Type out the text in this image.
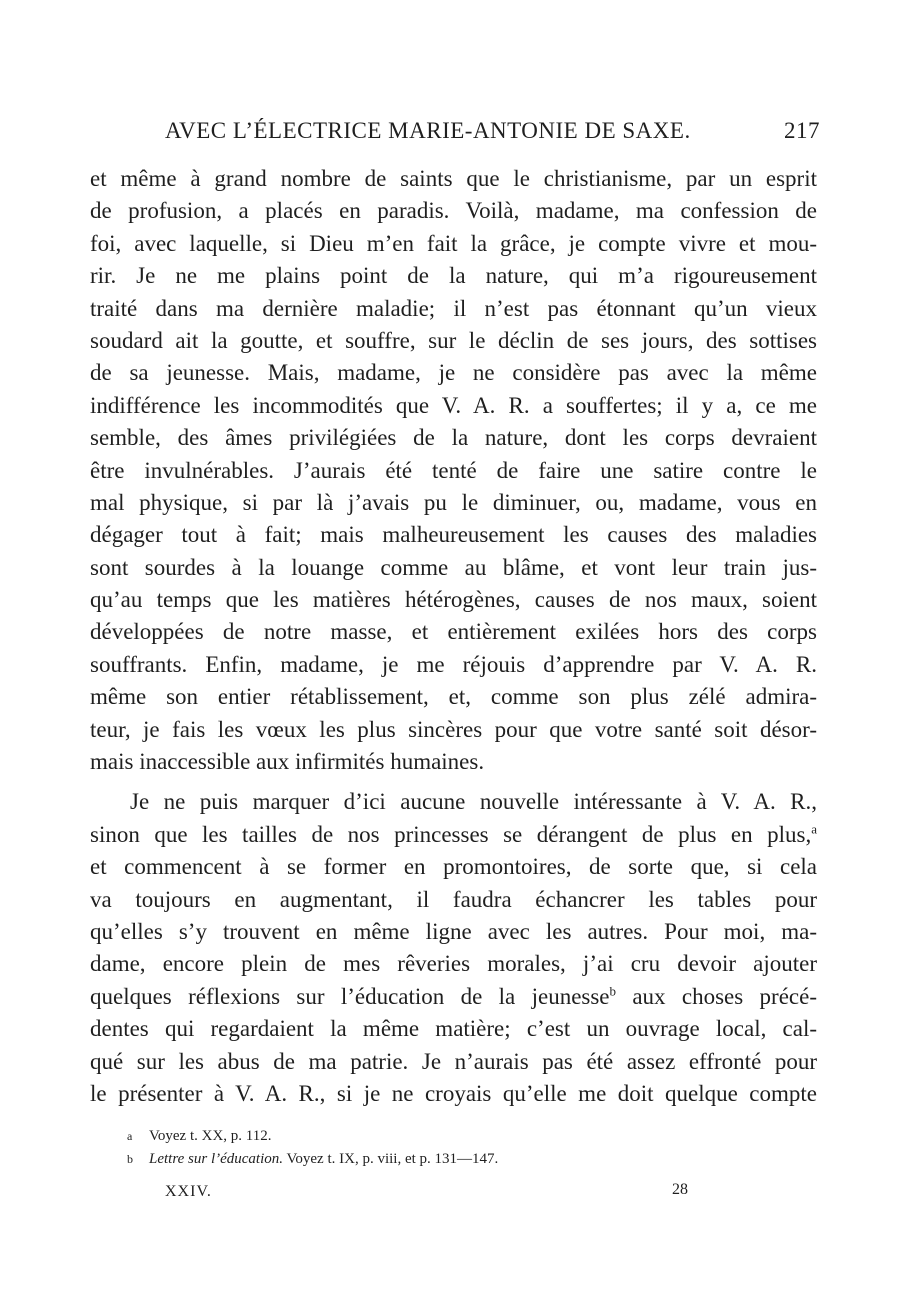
AVEC L’ÉLECTRICE MARIE-ANTONIE DE SAXE.	217
et même à grand nombre de saints que le christianisme, par un esprit
de profusion, a placés en paradis. Voilà, madame, ma confession de
foi, avec laquelle, si Dieu m’en fait la grâce, je compte vivre et mou-
rir. Je ne me plains point de la nature, qui m’a rigoureusement
traité dans ma dernière maladie; il n’est pas étonnant qu’un vieux
soudard ait la goutte, et souffre, sur le déclin de ses jours, des sottises
de sa jeunesse. Mais, madame, je ne considère pas avec la même
indifférence les incommodités que V. A. R. a souffertes; il y a, ce me
semble, des âmes privilégiées de la nature, dont les corps devraient
être invulnérables. J’aurais été tenté de faire une satire contre le
mal physique, si par là j’avais pu le diminuer, ou, madame, vous en
dégager tout à fait; mais malheureusement les causes des maladies
sont sourdes à la louange comme au blâme, et vont leur train jus-
qu’au temps que les matières hétérogènes, causes de nos maux, soient
développées de notre masse, et entièrement exilées hors des corps
souffrants. Enfin, madame, je me réjouis d’apprendre par V. A. R.
même son entier rétablissement, et, comme son plus zélé admira-
teur, je fais les vœux les plus sincères pour que votre santé soit désor-
mais inaccessible aux infirmités humaines.
Je ne puis marquer d’ici aucune nouvelle intéressante à V. A. R.,
sinon que les tailles de nos princesses se dérangent de plus en plus,$^a$
et commencent à se former en promontoires, de sorte que, si cela
va toujours en augmentant, il faudra échancrer les tables pour
qu’elles s’y trouvent en même ligne avec les autres. Pour moi, ma-
dame, encore plein de mes rêveries morales, j’ai cru devoir ajouter
quelques réflexions sur l’éducation de la jeunesse$^b$ aux choses précé-
dentes qui regardaient la même matière; c’est un ouvrage local, cal-
qué sur les abus de ma patrie. Je n’aurais pas été assez effronté pour
le présenter à V. A. R., si je ne croyais qu’elle me doit quelque compte
a Voyez t. XX, p. 112.
b Lettre sur l’éducation. Voyez t. IX, p. viii, et p. 131—147.
XXIV.	28
